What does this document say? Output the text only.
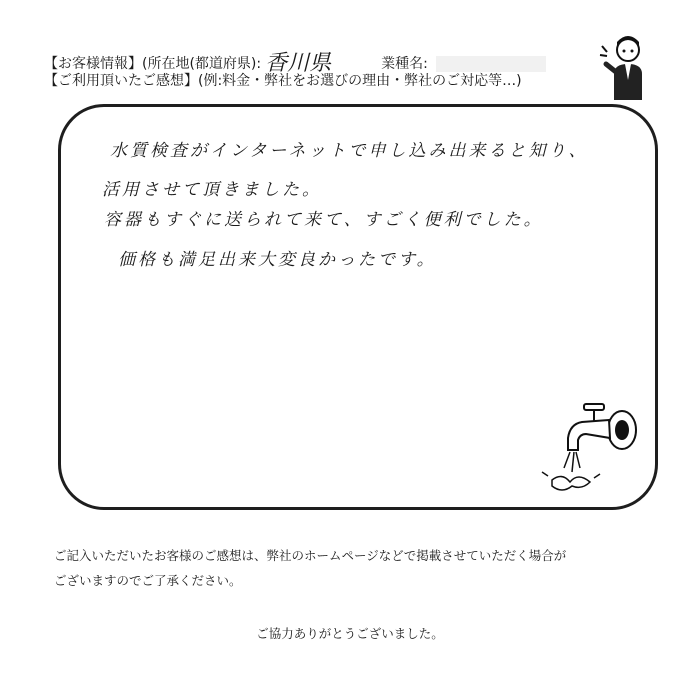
【お客様情報】(所在地(都道府県): 香川県	業種名:
【ご利用頂いたご感想】(例:料金・弊社をお選びの理由・弊社のご対応等…)
水質検査がインターネットで申し込み出来ると知り、
活用させて頂きました。
容器もすぐに送られて来て、すごく便利でした。
価格も満足出来大変良かったです。
ご記入いただいたお客様のご感想は、弊社のホームページなどで掲載させていただく場合が
ございますのでご了承ください。
ご協力ありがとうございました。
